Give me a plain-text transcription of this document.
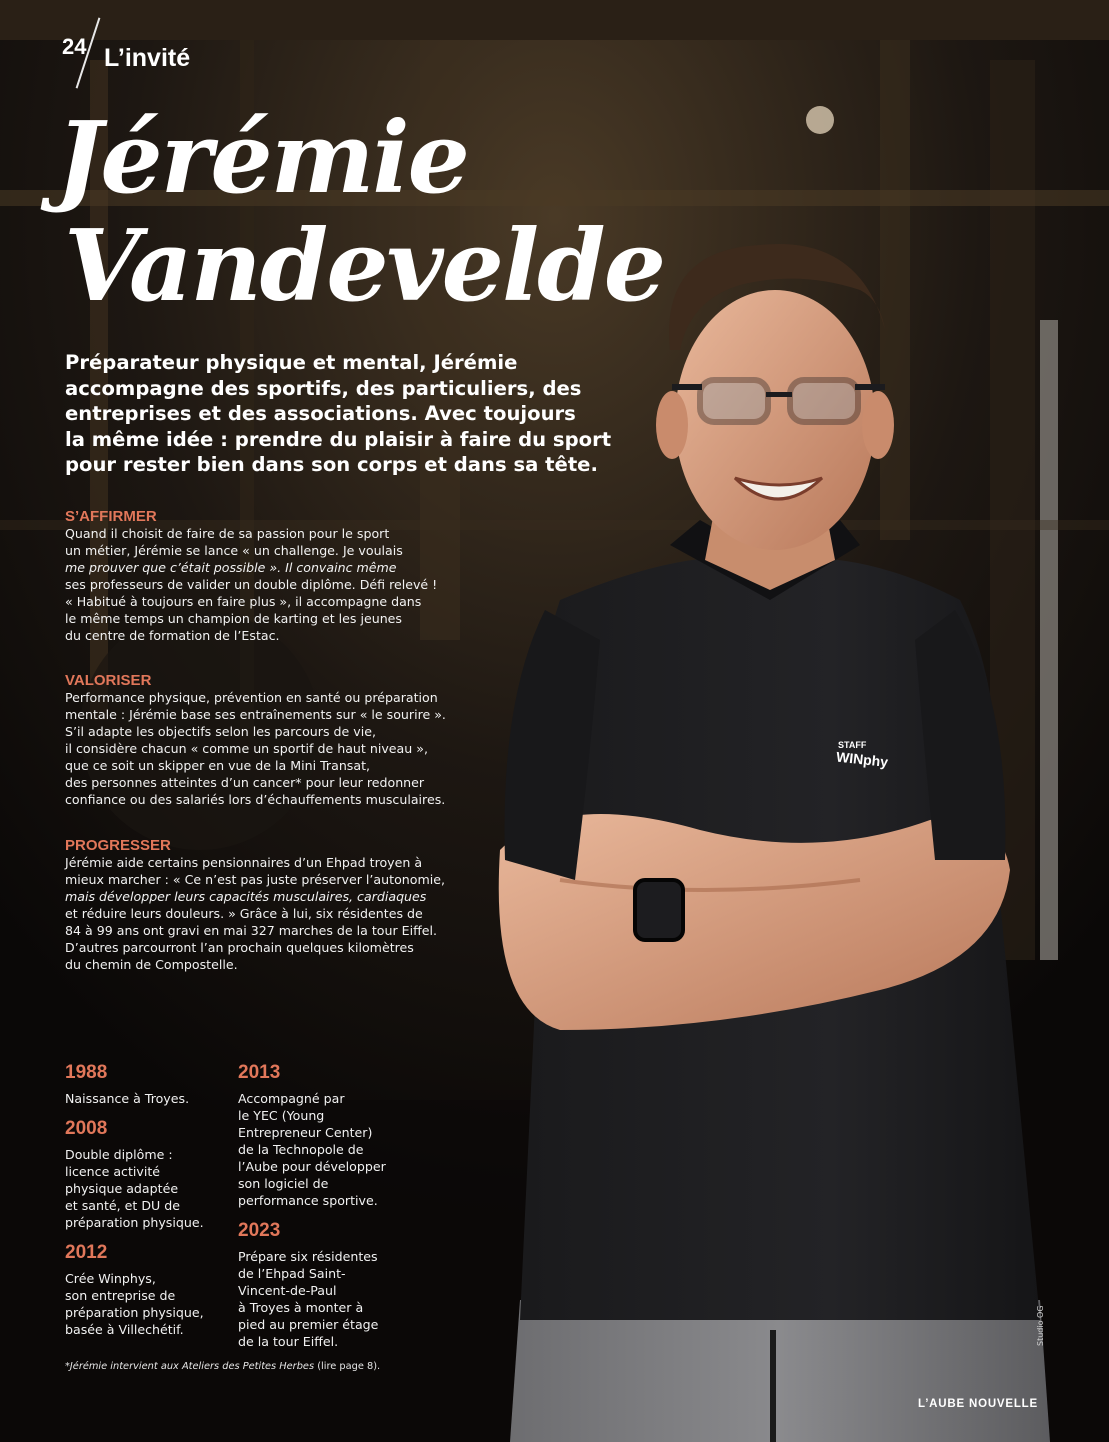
STAFF
WINphy
24 L’invité
Jérémie
Vandevelde
Préparateur physique et mental, Jérémie
accompagne des sportifs, des particuliers, des
entreprises et des associations. Avec toujours
la même idée : prendre du plaisir à faire du sport
pour rester bien dans son corps et dans sa tête.
S’AFFIRMER

Quand il choisit de faire de sa passion pour le sport
un métier, Jérémie se lance « un challenge. Je voulais
me prouver que c’était possible ». Il convainc même
ses professeurs de valider un double diplôme. Défi relevé !
« Habitué à toujours en faire plus », il accompagne dans
le même temps un champion de karting et les jeunes
du centre de formation de l’Estac.

VALORISER

Performance physique, prévention en santé ou préparation
mentale : Jérémie base ses entraînements sur « le sourire ».
S’il adapte les objectifs selon les parcours de vie,
il considère chacun « comme un sportif de haut niveau »,
que ce soit un skipper en vue de la Mini Transat,
des personnes atteintes d’un cancer* pour leur redonner
confiance ou des salariés lors d’échauffements musculaires.

PROGRESSER

Jérémie aide certains pensionnaires d’un Ehpad troyen à
mieux marcher : « Ce n’est pas juste préserver l’autonomie,
mais développer leurs capacités musculaires, cardiaques
et réduire leurs douleurs. » Grâce à lui, six résidentes de
84 à 99 ans ont gravi en mai 327 marches de la tour Eiffel.
D’autres parcourront l’an prochain quelques kilomètres
du chemin de Compostelle.

1988
Naissance à Troyes.
2008
Double diplôme :
licence activité
physique adaptée
et santé, et DU de
préparation physique.
2012
Crée Winphys,
son entreprise de
préparation physique,
basée à Villechétif.
2013
Accompagné par
le YEC (Young
Entrepreneur Center)
de la Technopole de
l’Aube pour développer
son logiciel de
performance sportive.
2023
Prépare six résidentes
de l’Ehpad Saint-
Vincent-de-Paul
à Troyes à monter à
pied au premier étage
de la tour Eiffel.
*Jérémie intervient aux Ateliers des Petites Herbes (lire page 8).
Studio OG
L’AUBE NOUVELLE
